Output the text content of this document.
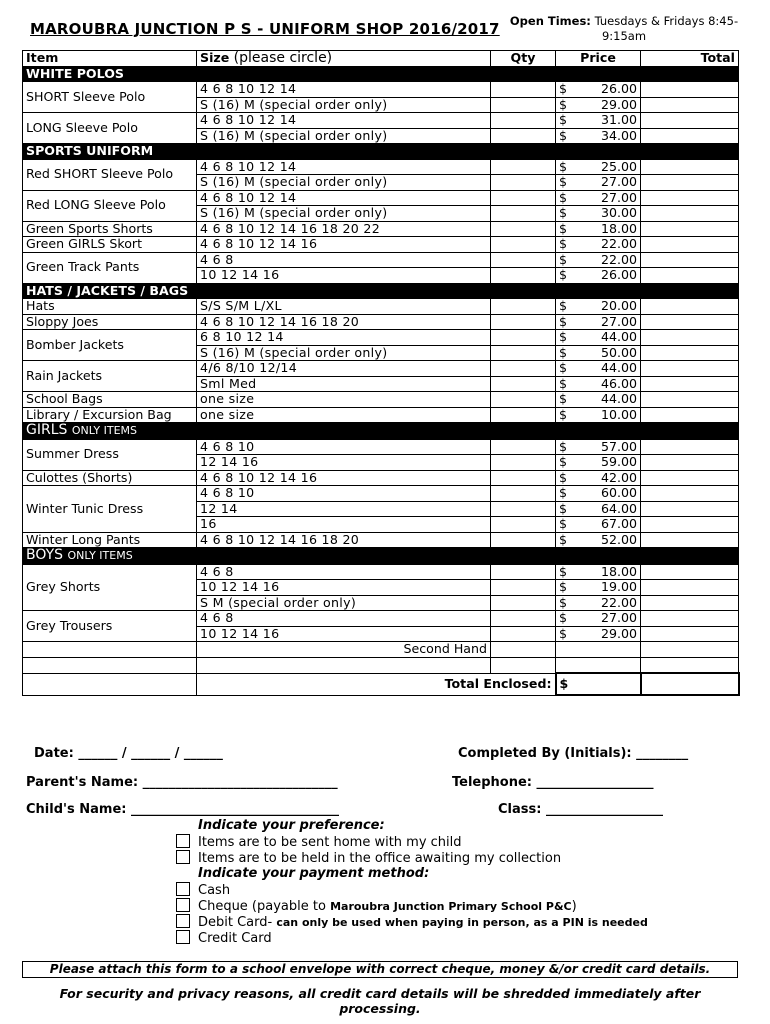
MAROUBRA JUNCTION P S - UNIFORM SHOP 2016/2017 Open Times: Tuesdays & Fridays 8:45-9:15am
Item	Size (please circle)	Qty	Price	Total
WHITE POLOS				
SHORT Sleeve Polo	4 6 8 10 12 14		$ 26.00	

	S (16) M (special order only)		$ 29.00	

LONG Sleeve Polo	4 6 8 10 12 14		$ 31.00	

	S (16) M (special order only)		$ 34.00	

SPORTS UNIFORM				
Red SHORT Sleeve Polo	4 6 8 10 12 14		$ 25.00	

	S (16) M (special order only)		$ 27.00	

Red LONG Sleeve Polo	4 6 8 10 12 14		$ 27.00	

	S (16) M (special order only)		$ 30.00	

Green Sports Shorts	4 6 8 10 12 14 16 18 20 22		$ 18.00	

Green GIRLS Skort	4 6 8 10 12 14 16		$ 22.00	

Green Track Pants	4 6 8		$ 22.00	

	10 12 14 16		$ 26.00	

HATS / JACKETS / BAGS				
Hats	S/S S/M L/XL		$ 20.00	

Sloppy Joes	4 6 8 10 12 14 16 18 20		$ 27.00	

Bomber Jackets	6 8 10 12 14		$ 44.00	

	S (16) M (special order only)		$ 50.00	

Rain Jackets	4/6 8/10 12/14		$ 44.00	

	Sml Med		$ 46.00	

School Bags	one size		$ 44.00	

Library / Excursion Bag	one size		$ 10.00	

GIRLS ONLY ITEMS				
Summer Dress	4 6 8 10		$ 57.00	

	12 14 16		$ 59.00	

Culottes (Shorts)	4 6 8 10 12 14 16		$ 42.00	

Winter Tunic Dress	4 6 8 10		$ 60.00	

	12 14		$ 64.00	

	16		$ 67.00	

Winter Long Pants	4 6 8 10 12 14 16 18 20		$ 52.00	

BOYS ONLY ITEMS				
Grey Shorts	4 6 8		$ 18.00	

	10 12 14 16		$ 19.00	

	S M (special order only)		$ 22.00	

Grey Trousers	4 6 8		$ 27.00	

	10 12 14 16		$ 29.00	

	Second Hand			

	Total Enclosed:		$	
Date: ______ / ______ / ______	Completed By (Initials): ________
Parent's Name: ______________________________	Telephone: __________________
Child's Name: ________________________________	Class: __________________
Indicate your preference:
Items are to be sent home with my child
Items are to be held in the office awaiting my collection
Indicate your payment method:
Cash
Cheque (payable to Maroubra Junction Primary School P&C)
Debit Card- can only be used when paying in person, as a PIN is needed
Credit Card
Please attach this form to a school envelope with correct cheque, money &/or credit card details.
For security and privacy reasons, all credit card details will be shredded immediately after processing.
